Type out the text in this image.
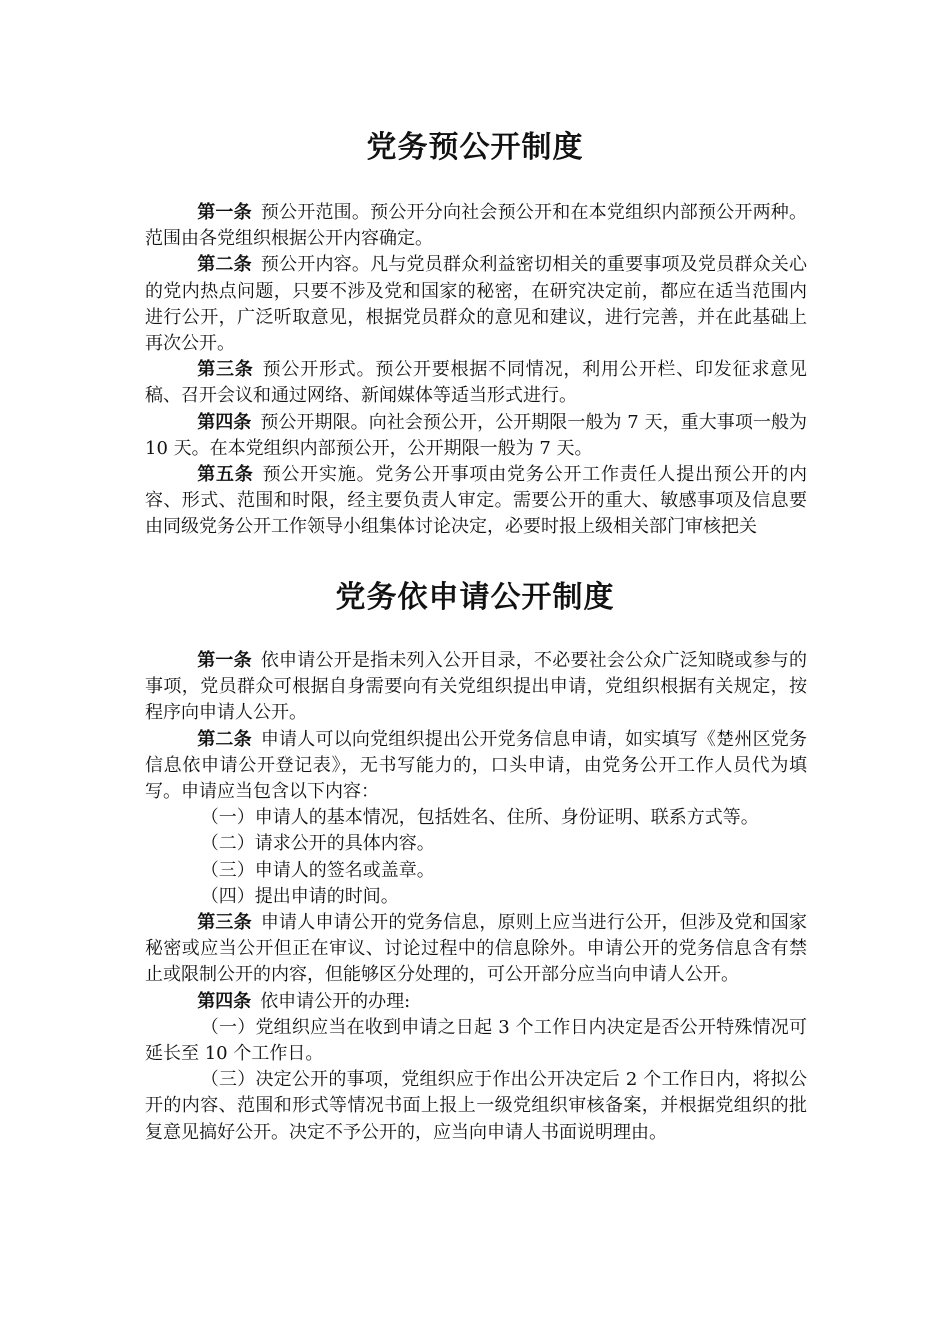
党务预公开制度

第一条 预公开范围。预公开分向社会预公开和在本党组织内部预公开两种。范围由各党组织根据公开内容确定。

第二条 预公开内容。凡与党员群众利益密切相关的重要事项及党员群众关心的党内热点问题，只要不涉及党和国家的秘密，在研究决定前，都应在适当范围内进行公开，广泛听取意见，根据党员群众的意见和建议，进行完善，并在此基础上再次公开。

第三条 预公开形式。预公开要根据不同情况，利用公开栏、印发征求意见稿、召开会议和通过网络、新闻媒体等适当形式进行。

第四条 预公开期限。向社会预公开，公开期限一般为 7 天，重大事项一般为 10 天。在本党组织内部预公开，公开期限一般为 7 天。

第五条 预公开实施。党务公开事项由党务公开工作责任人提出预公开的内容、形式、范围和时限，经主要负责人审定。需要公开的重大、敏感事项及信息要由同级党务公开工作领导小组集体讨论决定，必要时报上级相关部门审核把关

党务依申请公开制度

第一条 依申请公开是指未列入公开目录，不必要社会公众广泛知晓或参与的事项，党员群众可根据自身需要向有关党组织提出申请，党组织根据有关规定，按程序向申请人公开。

第二条 申请人可以向党组织提出公开党务信息申请，如实填写《楚州区党务信息依申请公开登记表》，无书写能力的，口头申请，由党务公开工作人员代为填写。申请应当包含以下内容：

（一）申请人的基本情况，包括姓名、住所、身份证明、联系方式等。

（二）请求公开的具体内容。

（三）申请人的签名或盖章。

（四）提出申请的时间。

第三条 申请人申请公开的党务信息，原则上应当进行公开，但涉及党和国家秘密或应当公开但正在审议、讨论过程中的信息除外。申请公开的党务信息含有禁止或限制公开的内容，但能够区分处理的，可公开部分应当向申请人公开。

第四条 依申请公开的办理:

（一）党组织应当在收到申请之日起 3 个工作日内决定是否公开特殊情况可延长至 10 个工作日。

（三）决定公开的事项，党组织应于作出公开决定后 2 个工作日内，将拟公开的内容、范围和形式等情况书面上报上一级党组织审核备案，并根据党组织的批复意见搞好公开。决定不予公开的，应当向申请人书面说明理由。
